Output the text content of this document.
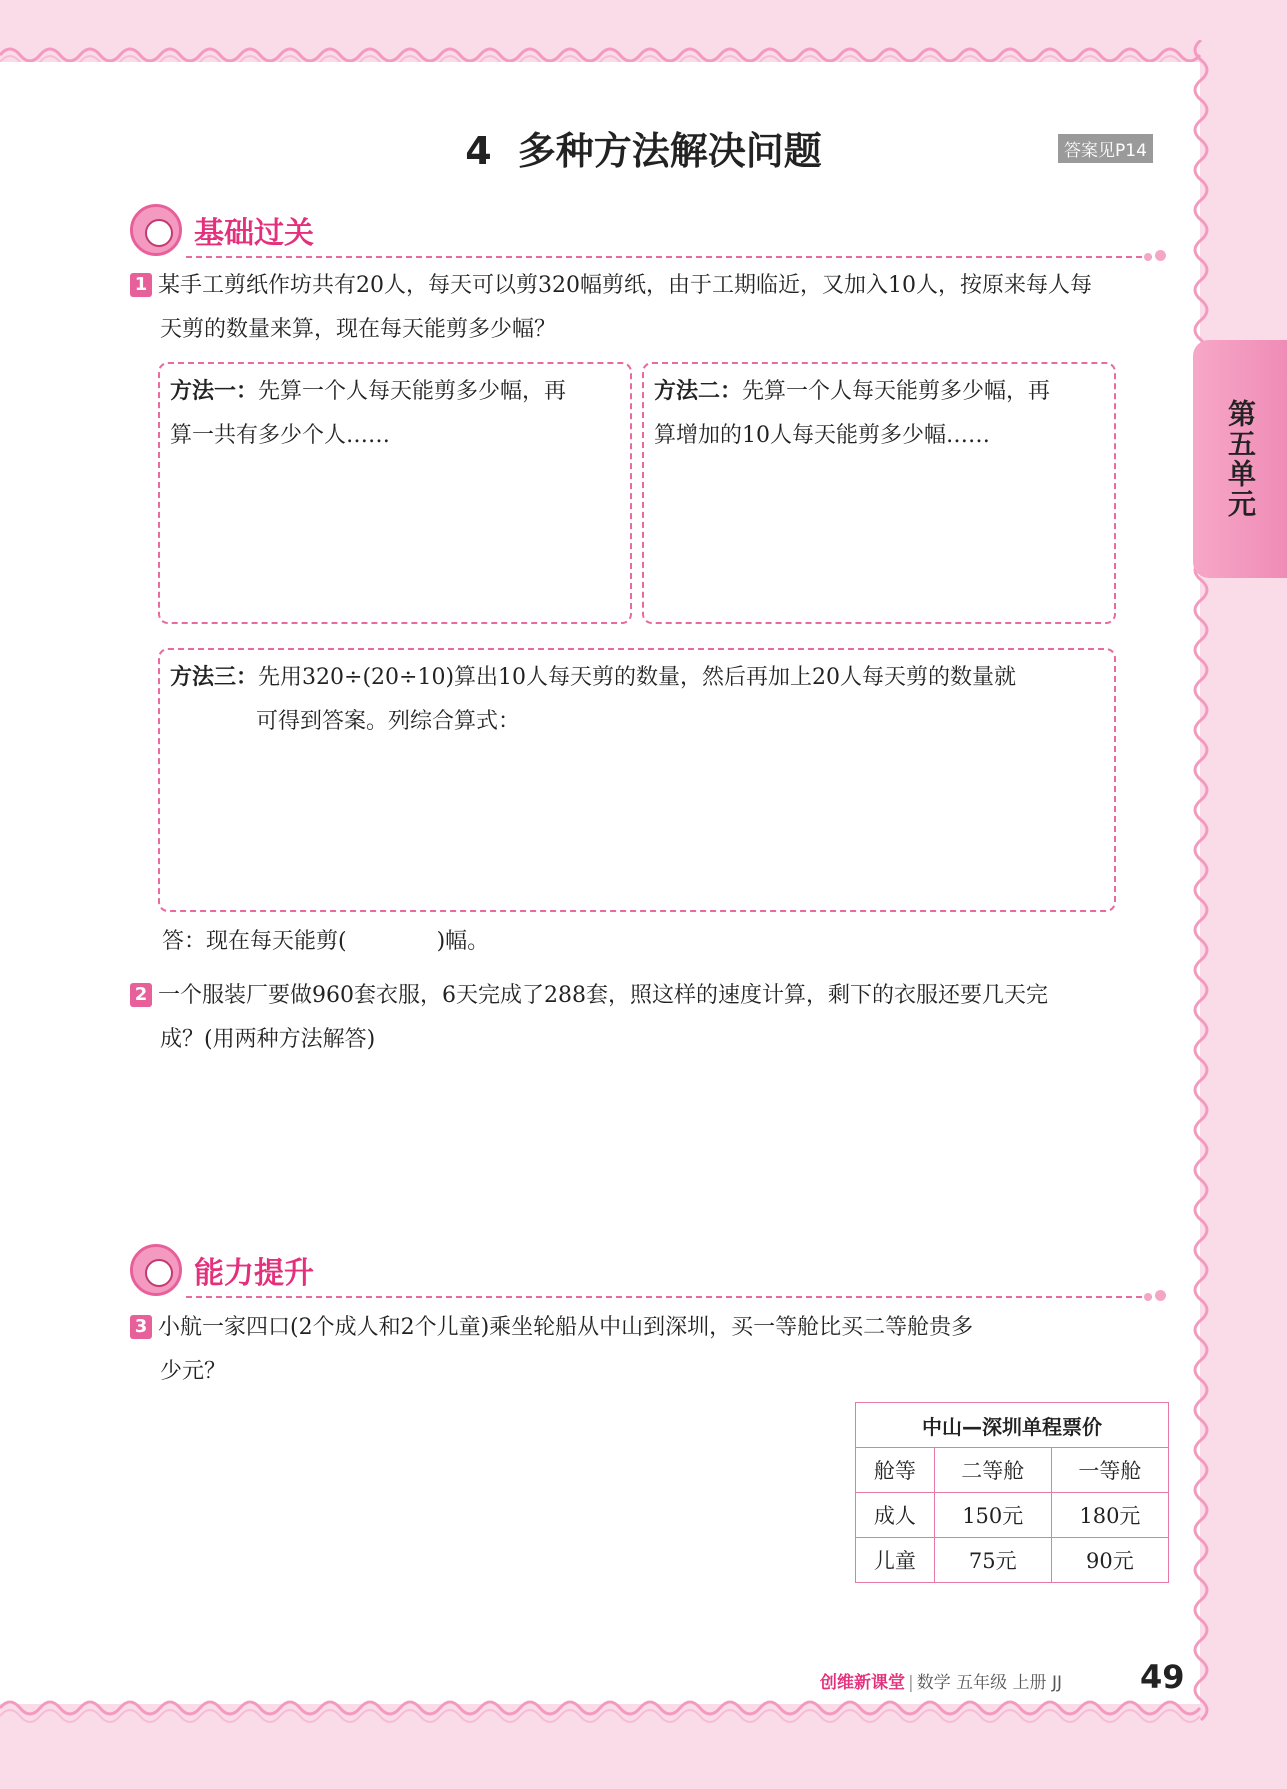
第五单元
4 多种方法解决问题	答案见P14
基础过关
1 某手工剪纸作坊共有20人，每天可以剪320幅剪纸，由于工期临近，又加入10人，按原来每人每
天剪的数量来算，现在每天能剪多少幅？
方法一：先算一个人每天能剪多少幅，再
算一共有多少个人……
方法二：先算一个人每天能剪多少幅，再
算增加的10人每天能剪多少幅……
方法三：先用320÷(20÷10)算出10人每天剪的数量，然后再加上20人每天剪的数量就
可得到答案。列综合算式：
答：现在每天能剪(	)幅。
2 一个服装厂要做960套衣服，6天完成了288套，照这样的速度计算，剩下的衣服还要几天完
成？(用两种方法解答)
能力提升
3 小航一家四口(2个成人和2个儿童)乘坐轮船从中山到深圳，买一等舱比买二等舱贵多
少元？
中山—深圳单程票价		
舱等	二等舱	一等舱
成人	150元	180元
儿童	75元	90元
创维新课堂 | 数学 五年级 上册 JJ 49
